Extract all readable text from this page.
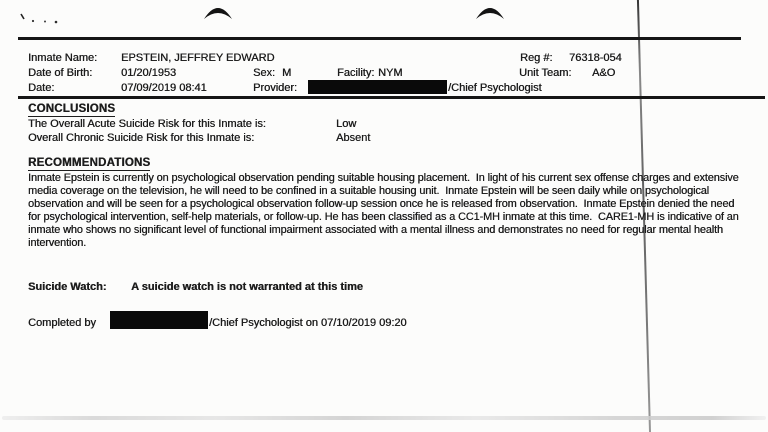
Inmate Name: EPSTEIN, JEFFREY EDWARD	Reg #: 76318-054
Date of Birth:	01/20/1953	Sex: M	Facility: NYM	Unit Team: A&O
Date:	07/09/2019 08:41	Provider:	/Chief Psychologist
CONCLUSIONS
The Overall Acute Suicide Risk for this Inmate is:	Low
Overall Chronic Suicide Risk for this Inmate is:	Absent
RECOMMENDATIONS
Inmate Epstein is currently on psychological observation pending suitable housing placement.  In light of his current sex offense charges and extensive media coverage on the television, he will need to be confined in a suitable housing unit.  Inmate Epstein will be seen daily while on psychological observation and will be seen for a psychological observation follow-up session once he is released from observation.  Inmate Epstein denied the need for psychological intervention, self-help materials, or follow-up. He has been classified as a CC1-MH inmate at this time.  CARE1-MH is indicative of an inmate who shows no significant level of functional impairment associated with a mental illness and demonstrates no need for regular mental health intervention.
Suicide Watch: A suicide watch is not warranted at this time
Completed by	/Chief Psychologist on 07/10/2019 09:20
